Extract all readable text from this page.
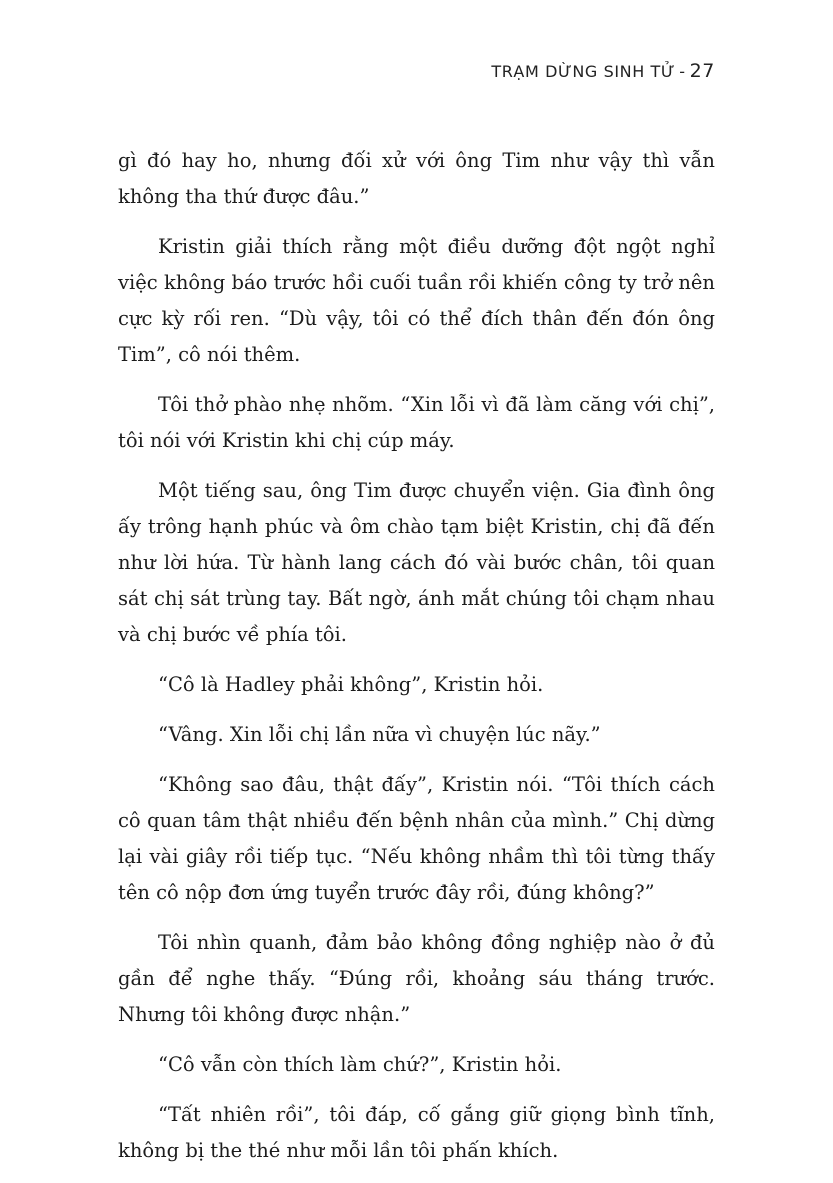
TRẠM DỪNG SINH TỬ - 27

gì đó hay ho, nhưng đối xử với ông Tim như vậy thì vẫn không tha thứ được đâu.”

Kristin giải thích rằng một điều dưỡng đột ngột nghỉ việc không báo trước hồi cuối tuần rồi khiến công ty trở nên cực kỳ rối ren. “Dù vậy, tôi có thể đích thân đến đón ông Tim”, cô nói thêm.

Tôi thở phào nhẹ nhõm. “Xin lỗi vì đã làm căng với chị”, tôi nói với Kristin khi chị cúp máy.

Một tiếng sau, ông Tim được chuyển viện. Gia đình ông ấy trông hạnh phúc và ôm chào tạm biệt Kristin, chị đã đến như lời hứa. Từ hành lang cách đó vài bước chân, tôi quan sát chị sát trùng tay. Bất ngờ, ánh mắt chúng tôi chạm nhau và chị bước về phía tôi.

“Cô là Hadley phải không”, Kristin hỏi.

“Vâng. Xin lỗi chị lần nữa vì chuyện lúc nãy.”

“Không sao đâu, thật đấy”, Kristin nói. “Tôi thích cách cô quan tâm thật nhiều đến bệnh nhân của mình.” Chị dừng lại vài giây rồi tiếp tục. “Nếu không nhầm thì tôi từng thấy tên cô nộp đơn ứng tuyển trước đây rồi, đúng không?”

Tôi nhìn quanh, đảm bảo không đồng nghiệp nào ở đủ gần để nghe thấy. “Đúng rồi, khoảng sáu tháng trước. Nhưng tôi không được nhận.”

“Cô vẫn còn thích làm chứ?”, Kristin hỏi.

“Tất nhiên rồi”, tôi đáp, cố gắng giữ giọng bình tĩnh, không bị the thé như mỗi lần tôi phấn khích.
